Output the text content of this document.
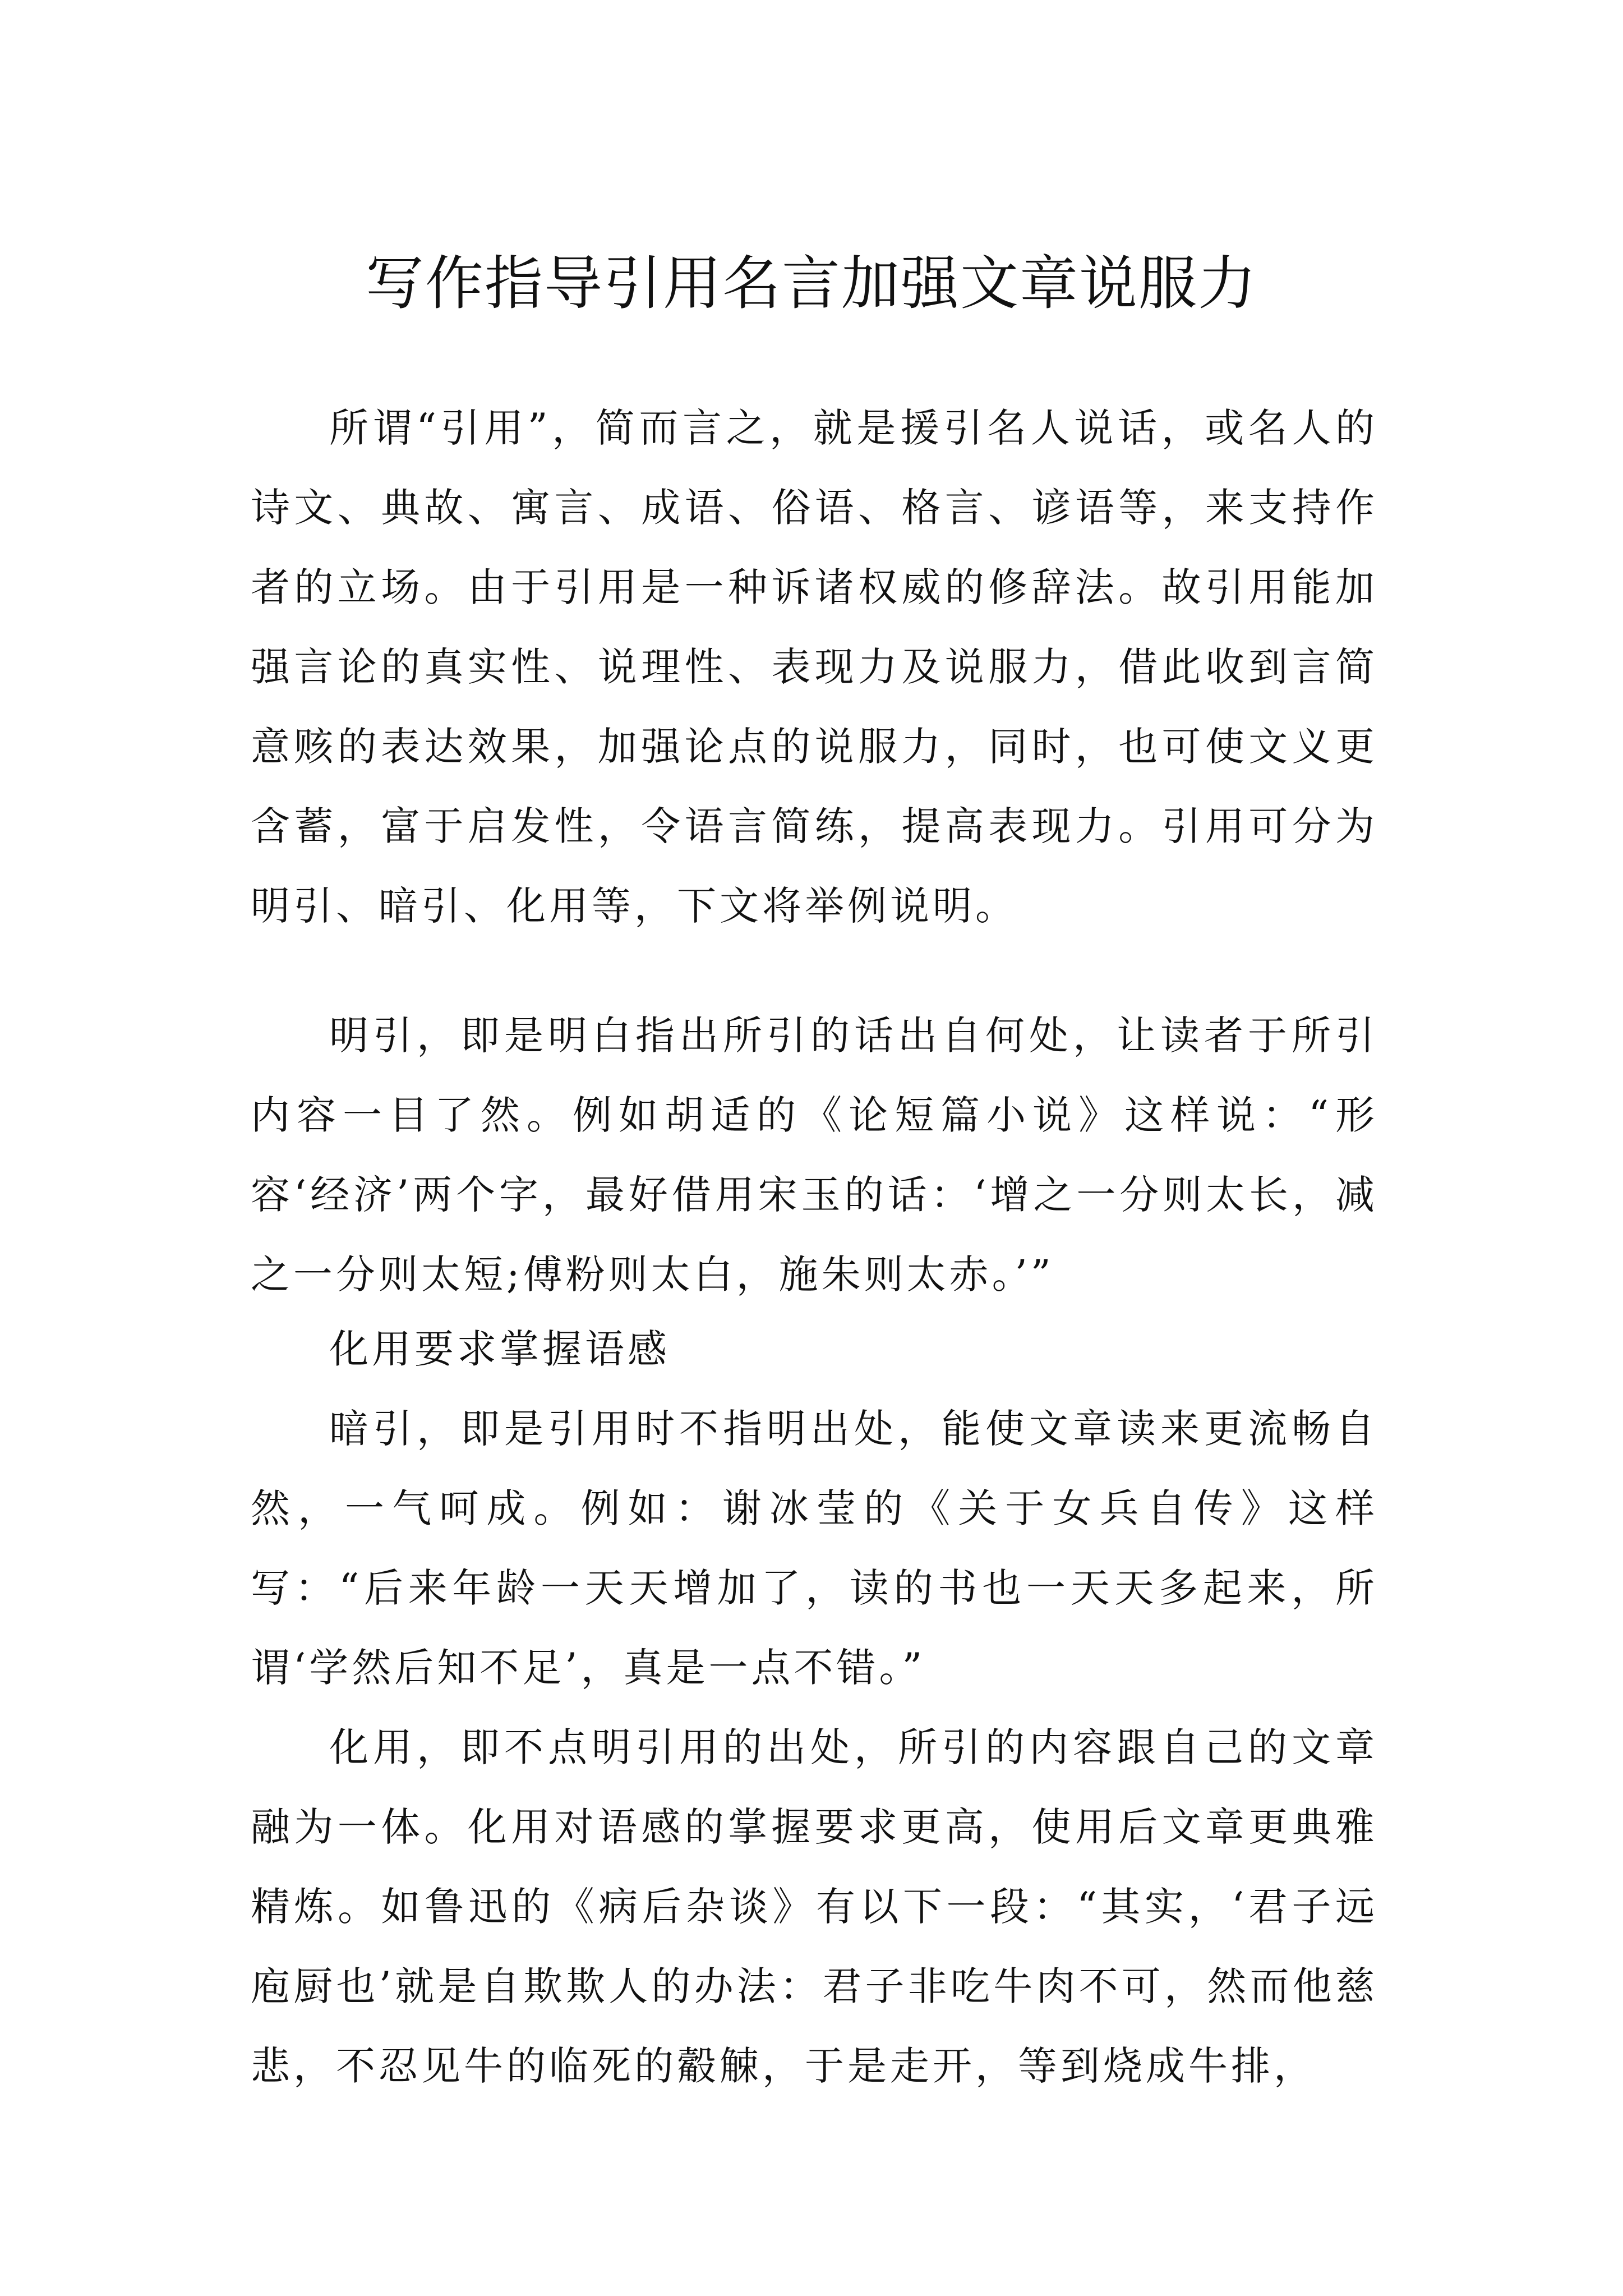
写作指导引用名言加强文章说服力

所谓“引用”，简而言之，就是援引名人说话，或名人的诗文、典故、寓言、成语、俗语、格言、谚语等，来支持作者的立场。由于引用是一种诉诸权威的修辞法。故引用能加强言论的真实性、说理性、表现力及说服力，借此收到言简意赅的表达效果，加强论点的说服力，同时，也可使文义更含蓄，富于启发性，令语言简练，提高表现力。引用可分为明引、暗引、化用等，下文将举例说明。

明引，即是明白指出所引的话出自何处，让读者于所引内容一目了然。例如胡适的《论短篇小说》这样说：“形容‘经济’两个字，最好借用宋玉的话：‘增之一分则太长，减之一分则太短;傅粉则太白，施朱则太赤。’”

化用要求掌握语感

暗引，即是引用时不指明出处，能使文章读来更流畅自然，一气呵成。例如：谢冰莹的《关于女兵自传》这样写：“后来年龄一天天增加了，读的书也一天天多起来，所谓‘学然后知不足’，真是一点不错。”

化用，即不点明引用的出处，所引的内容跟自己的文章融为一体。化用对语感的掌握要求更高，使用后文章更典雅精炼。如鲁迅的《病后杂谈》有以下一段：“其实，‘君子远庖厨也’就是自欺欺人的办法：君子非吃牛肉不可，然而他慈悲，不忍见牛的临死的觳觫，于是走开，等到烧成牛排，
